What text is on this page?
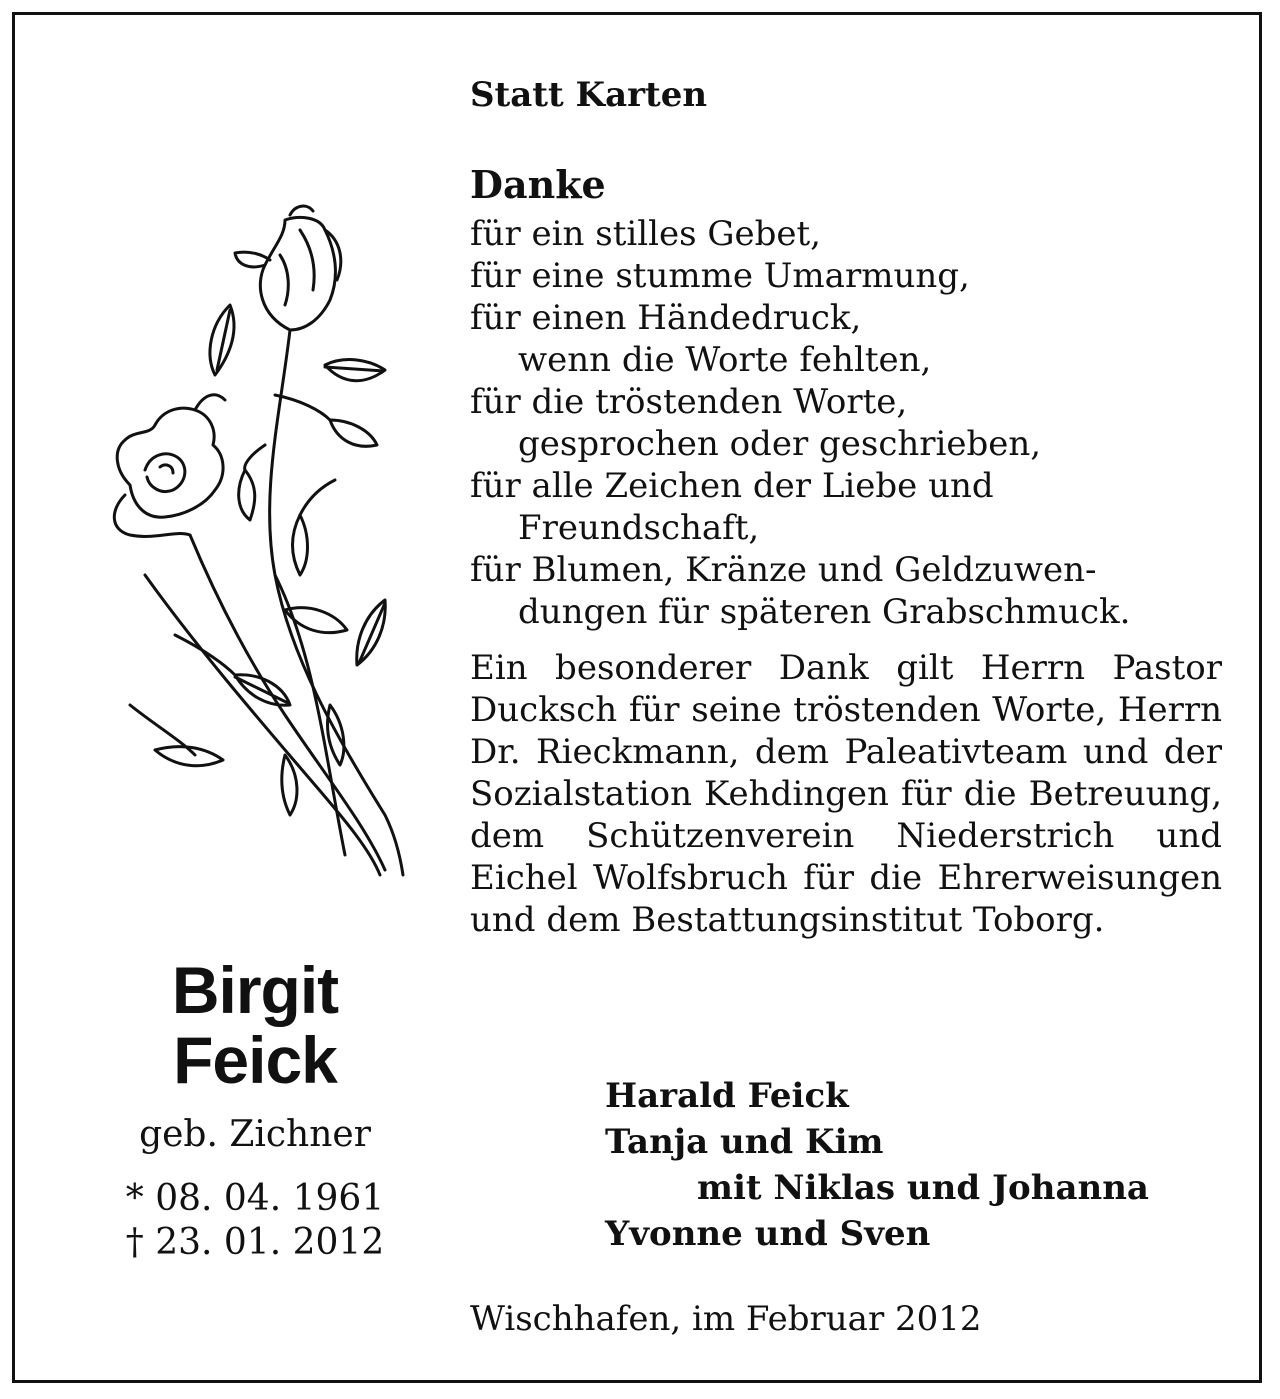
Birgit
Feick
geb. Zichner
* 08. 04. 1961
† 23. 01. 2012
Statt Karten
Danke
für ein stilles Gebet,
für eine stumme Umarmung,
für einen Händedruck,
wenn die Worte fehlten,
für die tröstenden Worte,
gesprochen oder geschrieben,
für alle Zeichen der Liebe und
Freundschaft,
für Blumen, Kränze und Geldzuwen-
dungen für späteren Grabschmuck.
Ein besonderer Dank gilt Herrn Pastor Ducksch für seine tröstenden Worte, Herrn Dr. Rieckmann, dem Paleativteam und der Sozialstation Kehdingen für die Betreuung, dem Schützenverein Niederstrich und Eichel Wolfsbruch für die Ehrerweisungen und dem Bestattungsinstitut Toborg.
Harald Feick
Tanja und Kim
mit Niklas und Johanna
Yvonne und Sven
Wischhafen, im Februar 2012
